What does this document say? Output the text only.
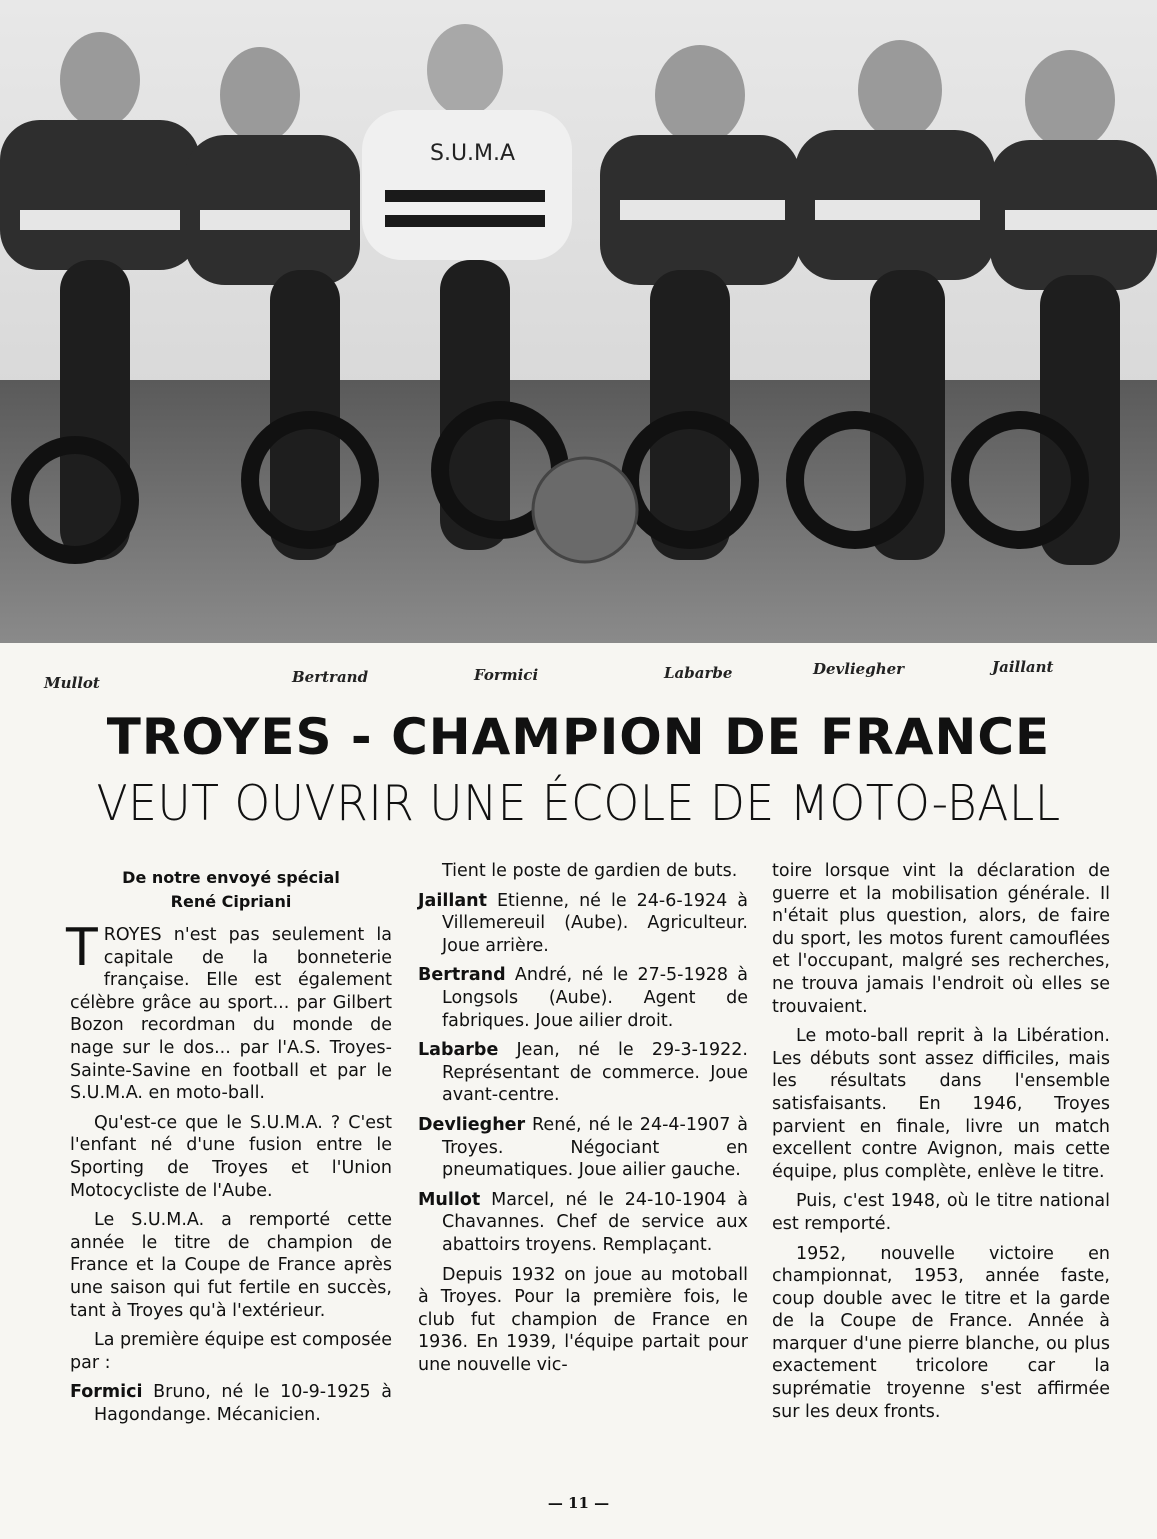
S.U.M.A
Mullot	Bertrand	Formici	Labarbe	Devliegher	Jaillant
TROYES - CHAMPION DE FRANCE
VEUT OUVRIR UNE ÉCOLE DE MOTO-BALL
De notre envoyé spécial
René Cipriani

TROYES n'est pas seulement la capitale de la bonneterie française. Elle est également célèbre grâce au sport... par Gilbert Bozon recordman du monde de nage sur le dos... par l'A.S. Troyes-Sainte-Savine en football et par le S.U.M.A. en moto-ball.

Qu'est-ce que le S.U.M.A. ? C'est l'enfant né d'une fusion entre le Sporting de Troyes et l'Union Motocycliste de l'Aube.

Le S.U.M.A. a remporté cette année le titre de champion de France et la Coupe de France après une saison qui fut fertile en succès, tant à Troyes qu'à l'extérieur.

La première équipe est composée par :

Formici Bruno, né le 10-9-1925 à Hagondange. Mécanicien.

Tient le poste de gardien de buts.

Jaillant Etienne, né le 24-6-1924 à Villemereuil (Aube). Agriculteur. Joue arrière.

Bertrand André, né le 27-5-1928 à Longsols (Aube). Agent de fabriques. Joue ailier droit.

Labarbe Jean, né le 29-3-1922. Représentant de commerce. Joue avant-centre.

Devliegher René, né le 24-4-1907 à Troyes. Négociant en pneumatiques. Joue ailier gauche.

Mullot Marcel, né le 24-10-1904 à Chavannes. Chef de service aux abattoirs troyens. Remplaçant.

Depuis 1932 on joue au motoball à Troyes. Pour la première fois, le club fut champion de France en 1936. En 1939, l'équipe partait pour une nouvelle vic-

toire lorsque vint la déclaration de guerre et la mobilisation générale. Il n'était plus question, alors, de faire du sport, les motos furent camouflées et l'occupant, malgré ses recherches, ne trouva jamais l'endroit où elles se trouvaient.

Le moto-ball reprit à la Libération. Les débuts sont assez difficiles, mais les résultats dans l'ensemble satisfaisants. En 1946, Troyes parvient en finale, livre un match excellent contre Avignon, mais cette équipe, plus complète, enlève le titre.

Puis, c'est 1948, où le titre national est remporté.

1952, nouvelle victoire en championnat, 1953, année faste, coup double avec le titre et la garde de la Coupe de France. Année à marquer d'une pierre blanche, ou plus exactement tricolore car la suprématie troyenne s'est affirmée sur les deux fronts.

— 11 —
